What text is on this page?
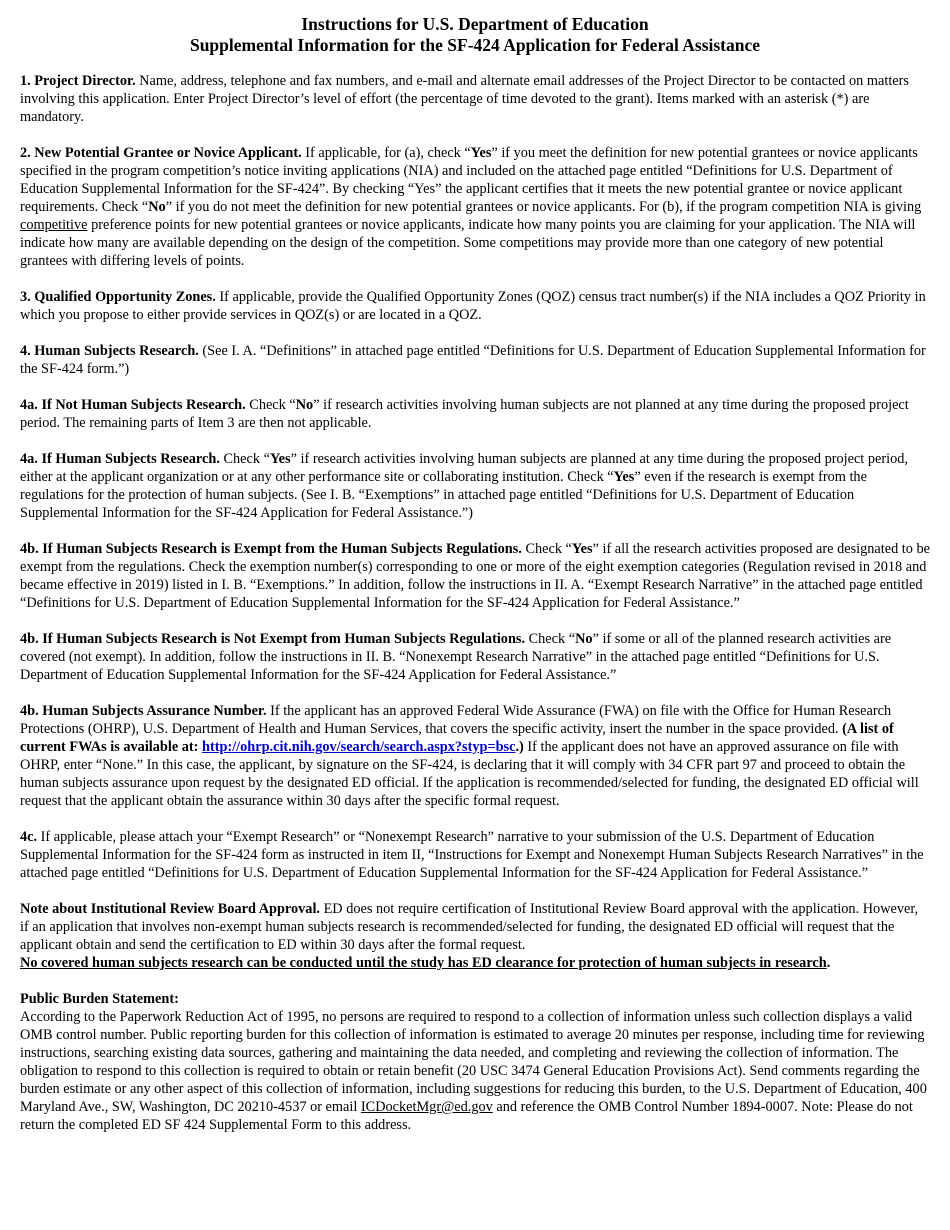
Instructions for U.S. Department of Education
Supplemental Information for the SF-424 Application for Federal Assistance

1. Project Director. Name, address, telephone and fax numbers, and e-mail and alternate email addresses of the Project Director to be contacted on matters involving this application. Enter Project Director’s level of effort (the percentage of time devoted to the grant). Items marked with an asterisk (*) are mandatory.

2. New Potential Grantee or Novice Applicant. If applicable, for (a), check “Yes” if you meet the definition for new potential grantees or novice applicants specified in the program competition’s notice inviting applications (NIA) and included on the attached page entitled “Definitions for U.S. Department of Education Supplemental Information for the SF-424”. By checking “Yes” the applicant certifies that it meets the new potential grantee or novice applicant requirements. Check “No” if you do not meet the definition for new potential grantees or novice applicants. For (b), if the program competition NIA is giving competitive preference points for new potential grantees or novice applicants, indicate how many points you are claiming for your application. The NIA will indicate how many are available depending on the design of the competition. Some competitions may provide more than one category of new potential grantees with differing levels of points.

3. Qualified Opportunity Zones. If applicable, provide the Qualified Opportunity Zones (QOZ) census tract number(s) if the NIA includes a QOZ Priority in which you propose to either provide services in QOZ(s) or are located in a QOZ.

4. Human Subjects Research. (See I. A. “Definitions” in attached page entitled “Definitions for U.S. Department of Education Supplemental Information for the SF-424 form.”)

4a. If Not Human Subjects Research. Check “No” if research activities involving human subjects are not planned at any time during the proposed project period. The remaining parts of Item 3 are then not applicable.

4a. If Human Subjects Research. Check “Yes” if research activities involving human subjects are planned at any time during the proposed project period, either at the applicant organization or at any other performance site or collaborating institution. Check “Yes” even if the research is exempt from the regulations for the protection of human subjects. (See I. B. “Exemptions” in attached page entitled “Definitions for U.S. Department of Education Supplemental Information for the SF-424 Application for Federal Assistance.”)

4b. If Human Subjects Research is Exempt from the Human Subjects Regulations. Check “Yes” if all the research activities proposed are designated to be exempt from the regulations. Check the exemption number(s) corresponding to one or more of the eight exemption categories (Regulation revised in 2018 and became effective in 2019) listed in I. B. “Exemptions.” In addition, follow the instructions in II. A. “Exempt Research Narrative” in the attached page entitled “Definitions for U.S. Department of Education Supplemental Information for the SF-424 Application for Federal Assistance.”

4b. If Human Subjects Research is Not Exempt from Human Subjects Regulations. Check “No” if some or all of the planned research activities are covered (not exempt). In addition, follow the instructions in II. B. “Nonexempt Research Narrative” in the attached page entitled “Definitions for U.S. Department of Education Supplemental Information for the SF-424 Application for Federal Assistance.”

4b. Human Subjects Assurance Number. If the applicant has an approved Federal Wide Assurance (FWA) on file with the Office for Human Research Protections (OHRP), U.S. Department of Health and Human Services, that covers the specific activity, insert the number in the space provided. (A list of current FWAs is available at: http://ohrp.cit.nih.gov/search/search.aspx?styp=bsc.) If the applicant does not have an approved assurance on file with OHRP, enter “None.” In this case, the applicant, by signature on the SF-424, is declaring that it will comply with 34 CFR part 97 and proceed to obtain the human subjects assurance upon request by the designated ED official. If the application is recommended/selected for funding, the designated ED official will request that the applicant obtain the assurance within 30 days after the specific formal request.

4c. If applicable, please attach your “Exempt Research” or “Nonexempt Research” narrative to your submission of the U.S. Department of Education Supplemental Information for the SF-424 form as instructed in item II, “Instructions for Exempt and Nonexempt Human Subjects Research Narratives” in the attached page entitled “Definitions for U.S. Department of Education Supplemental Information for the SF-424 Application for Federal Assistance.”

Note about Institutional Review Board Approval. ED does not require certification of Institutional Review Board approval with the application. However, if an application that involves non-exempt human subjects research is recommended/selected for funding, the designated ED official will request that the applicant obtain and send the certification to ED within 30 days after the formal request.
No covered human subjects research can be conducted until the study has ED clearance for protection of human subjects in research.

Public Burden Statement:
According to the Paperwork Reduction Act of 1995, no persons are required to respond to a collection of information unless such collection displays a valid OMB control number. Public reporting burden for this collection of information is estimated to average 20 minutes per response, including time for reviewing instructions, searching existing data sources, gathering and maintaining the data needed, and completing and reviewing the collection of information. The obligation to respond to this collection is required to obtain or retain benefit (20 USC 3474 General Education Provisions Act). Send comments regarding the burden estimate or any other aspect of this collection of information, including suggestions for reducing this burden, to the U.S. Department of Education, 400 Maryland Ave., SW, Washington, DC 20210-4537 or email ICDocketMgr@ed.gov and reference the OMB Control Number 1894-0007. Note: Please do not return the completed ED SF 424 Supplemental Form to this address.
